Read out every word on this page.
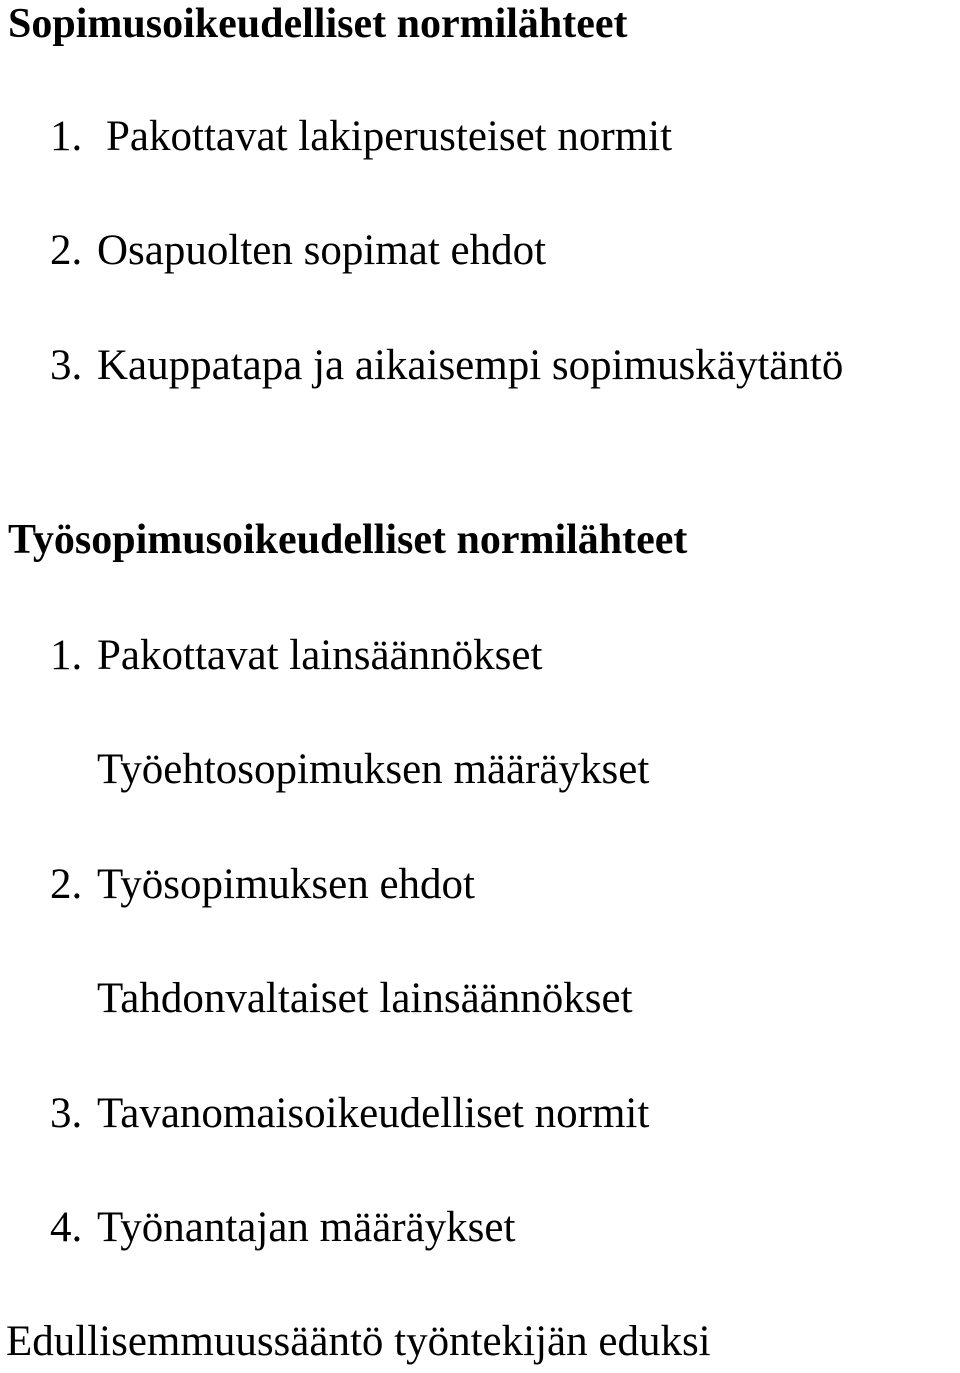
Sopimusoikeudelliset normilähteet
1. Pakottavat lakiperusteiset normit
2. Osapuolten sopimat ehdot
3. Kauppatapa ja aikaisempi sopimuskäytäntö
Työsopimusoikeudelliset normilähteet
1. Pakottavat lainsäännökset
Työehtosopimuksen määräykset
2. Työsopimuksen ehdot
Tahdonvaltaiset lainsäännökset
3. Tavanomaisoikeudelliset normit
4. Työnantajan määräykset
Edullisemmuussääntö työntekijän eduksi
